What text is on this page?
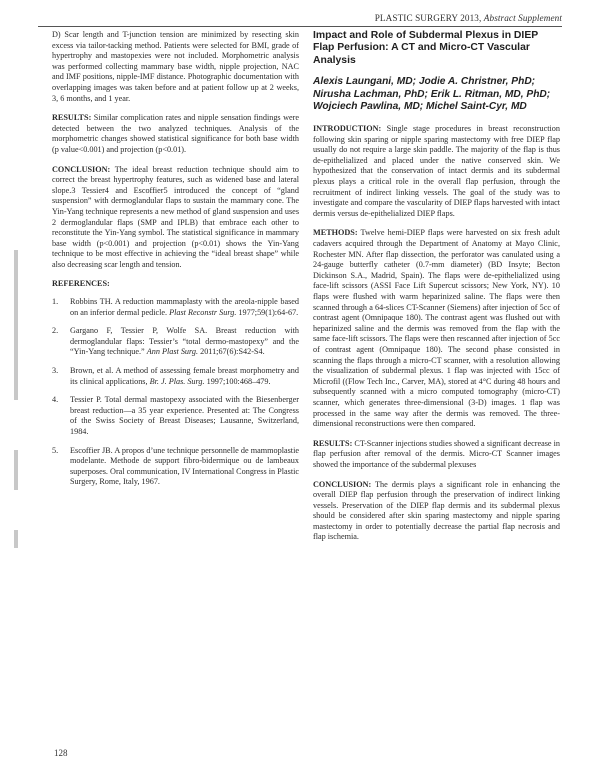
PLASTIC SURGERY 2013, Abstract Supplement

D) Scar length and T-junction tension are minimized by resecting skin excess via tailor-tacking method. Patients were selected for BMI, grade of hypertrophy and mastopexies were not included. Morphometric analysis was performed collecting mammary base width, nipple projection, NAC and IMF positions, nipple-IMF distance. Photographic documentation with overlapping images was taken before and at patient follow up at 2 weeks, 3, 6 months, and 1 year.

RESULTS: Similar complication rates and nipple sensation findings were detected between the two analyzed techniques. Analysis of the morphometric changes showed statistical significance for both base width (p value<0.001) and projection (p<0.01).

CONCLUSION: The ideal breast reduction technique should aim to correct the breast hypertrophy features, such as widened base and lateral slope.3 Tessier4 and Escoffier5 introduced the concept of “gland suspension” with dermoglandular flaps to sustain the mammary cone. The Yin-Yang technique represents a new method of gland suspension and uses 2 dermoglandular flaps (SMP and IPLB) that embrace each other to reconstitute the Yin-Yang symbol. The statistical significance in mammary base width (p<0.001) and projection (p<0.01) shows the Yin-Yang technique to be most effective in achieving the “ideal breast shape” while also decreasing scar length and tension.

REFERENCES:
1. Robbins TH. A reduction mammaplasty with the areola-nipple based on an inferior dermal pedicle. Plast Reconstr Surg. 1977;59(1):64-67.
2. Gargano F, Tessier P, Wolfe SA. Breast reduction with dermoglandular flaps: Tessier’s “total dermo-mastopexy” and the “Yin-Yang technique.” Ann Plast Surg. 2011;67(6):S42-S4.
3. Brown, et al. A method of assessing female breast morphometry and its clinical applications, Br. J. Plas. Surg. 1997;100:468–479.
4. Tessier P. Total dermal mastopexy associated with the Biesenberger breast reduction—a 35 year experience. Presented at: The Congress of the Swiss Society of Breast Diseases; Lausanne, Switzerland, 1984.
5. Escoffier JB. A propos d’une technique personnelle de mammoplastie modelante. Methode de support fibro-bidermique ou de lambeaux superposes. Oral communication, IV International Congress in Plastic Surgery, Rome, Italy, 1967.
Impact and Role of Subdermal Plexus in DIEP Flap Perfusion: A CT and Micro-CT Vascular Analysis
Alexis Laungani, MD; Jodie A. Christner, PhD; Nirusha Lachman, PhD; Erik L. Ritman, MD, PhD; Wojciech Pawlina, MD; Michel Saint-Cyr, MD

INTRODUCTION: Single stage procedures in breast reconstruction following skin sparing or nipple sparing mastectomy with free DIEP flap usually do not require a large skin paddle. The majority of the flap is thus de-epithelialized and placed under the native conserved skin. We hypothesized that the conservation of intact dermis and its subdermal plexus plays a critical role in the overall flap perfusion, through the recruitment of indirect linking vessels. The goal of the study was to investigate and compare the vascularity of DIEP flaps harvested with intact dermis versus de-epithelialized DIEP flaps.

METHODS: Twelve hemi-DIEP flaps were harvested on six fresh adult cadavers acquired through the Department of Anatomy at Mayo Clinic, Rochester MN. After flap dissection, the perforator was canulated using a 24-gauge butterfly catheter (0.7-mm diameter) (BD Insyte; Becton Dickinson S.A., Madrid, Spain). The flaps were de-epithelialized using face-lift scissors (ASSI Face Lift Supercut scissors; New York, NY). 10 flaps were flushed with warm heparinized saline. The flaps were then scanned through a 64-slices CT-Scanner (Siemens) after injection of 5cc of contrast agent (Omnipaque 180). The contrast agent was flushed out with heparinized saline and the dermis was removed from the flap with the same face-lift scissors. The flaps were then rescanned after injection of 5cc of contrast agent (Omnipaque 180). The second phase consisted in scanning the flaps through a micro-CT scanner, with a resolution allowing the visualization of subdermal plexus. 1 flap was injected with 15cc of Microfil ((Flow Tech Inc., Carver, MA), stored at 4°C during 48 hours and subsequently scanned with a micro computed tomography (micro-CT) scanner, which generates three-dimensional (3-D) images. 1 flap was processed in the same way after the dermis was removed. The three-dimensional reconstructions were then compared.

RESULTS: CT-Scanner injections studies showed a significant decrease in flap perfusion after removal of the dermis. Micro-CT Scanner images showed the importance of the subdermal plexuses

CONCLUSION: The dermis plays a significant role in enhancing the overall DIEP flap perfusion through the preservation of indirect linking vessels. Preservation of the DIEP flap dermis and its subdermal plexus should be considered after skin sparing mastectomy and nipple sparing mastectomy in order to potentially decrease the partial flap necrosis and flap ischemia.

128
